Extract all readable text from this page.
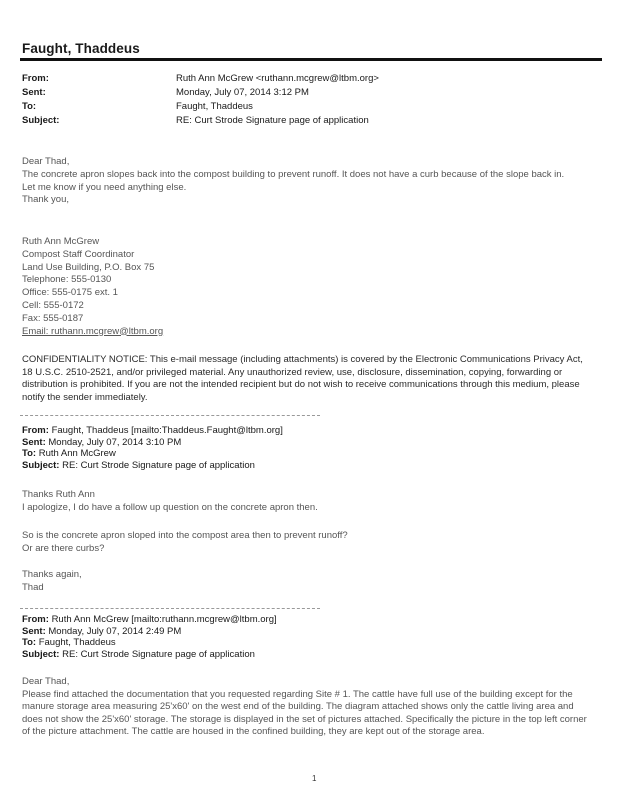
Faught, Thaddeus
From:	Ruth Ann McGrew <ruthann.mcgrew@ltbm.org>
Sent:	Monday, July 07, 2014 3:12 PM
To:	Faught, Thaddeus
Subject:	RE: Curt Strode Signature page of application

Dear Thad,

The concrete apron slopes back into the compost building to prevent runoff. It does not have a curb because of the slope back in.

Let me know if you need anything else.

Thank you,

Ruth Ann McGrew

Compost Staff Coordinator

Land Use Building, P.O. Box 75

Telephone: 555-0130

Office: 555-0175 ext. 1

Cell: 555-0172

Fax: 555-0187

Email: ruthann.mcgrew@ltbm.org

CONFIDENTIALITY NOTICE: This e-mail message (including attachments) is covered by the Electronic Communications Privacy Act, 18 U.S.C. 2510-2521, and/or privileged material. Any unauthorized review, use, disclosure, dissemination, copying, forwarding or distribution is prohibited. If you are not the intended recipient but do not wish to receive communications through this medium, please notify the sender immediately.

From: Faught, Thaddeus [mailto:Thaddeus.Faught@ltbm.org]

Sent: Monday, July 07, 2014 3:10 PM

To: Ruth Ann McGrew

Subject: RE: Curt Strode Signature page of application

Thanks Ruth Ann

I apologize, I do have a follow up question on the concrete apron then.

So is the concrete apron sloped into the compost area then to prevent runoff?

Or are there curbs?

Thanks again,

Thad

From: Ruth Ann McGrew [mailto:ruthann.mcgrew@ltbm.org]

Sent: Monday, July 07, 2014 2:49 PM

To: Faught, Thaddeus

Subject: RE: Curt Strode Signature page of application

Dear Thad,

Please find attached the documentation that you requested regarding Site # 1. The cattle have full use of the building except for the manure storage area measuring 25'x60' on the west end of the building. The diagram attached shows only the cattle living area and does not show the 25'x60' storage. The storage is displayed in the set of pictures attached. Specifically the picture in the top left corner of the picture attachment. The cattle are housed in the confined building, they are kept out of the storage area.

1
